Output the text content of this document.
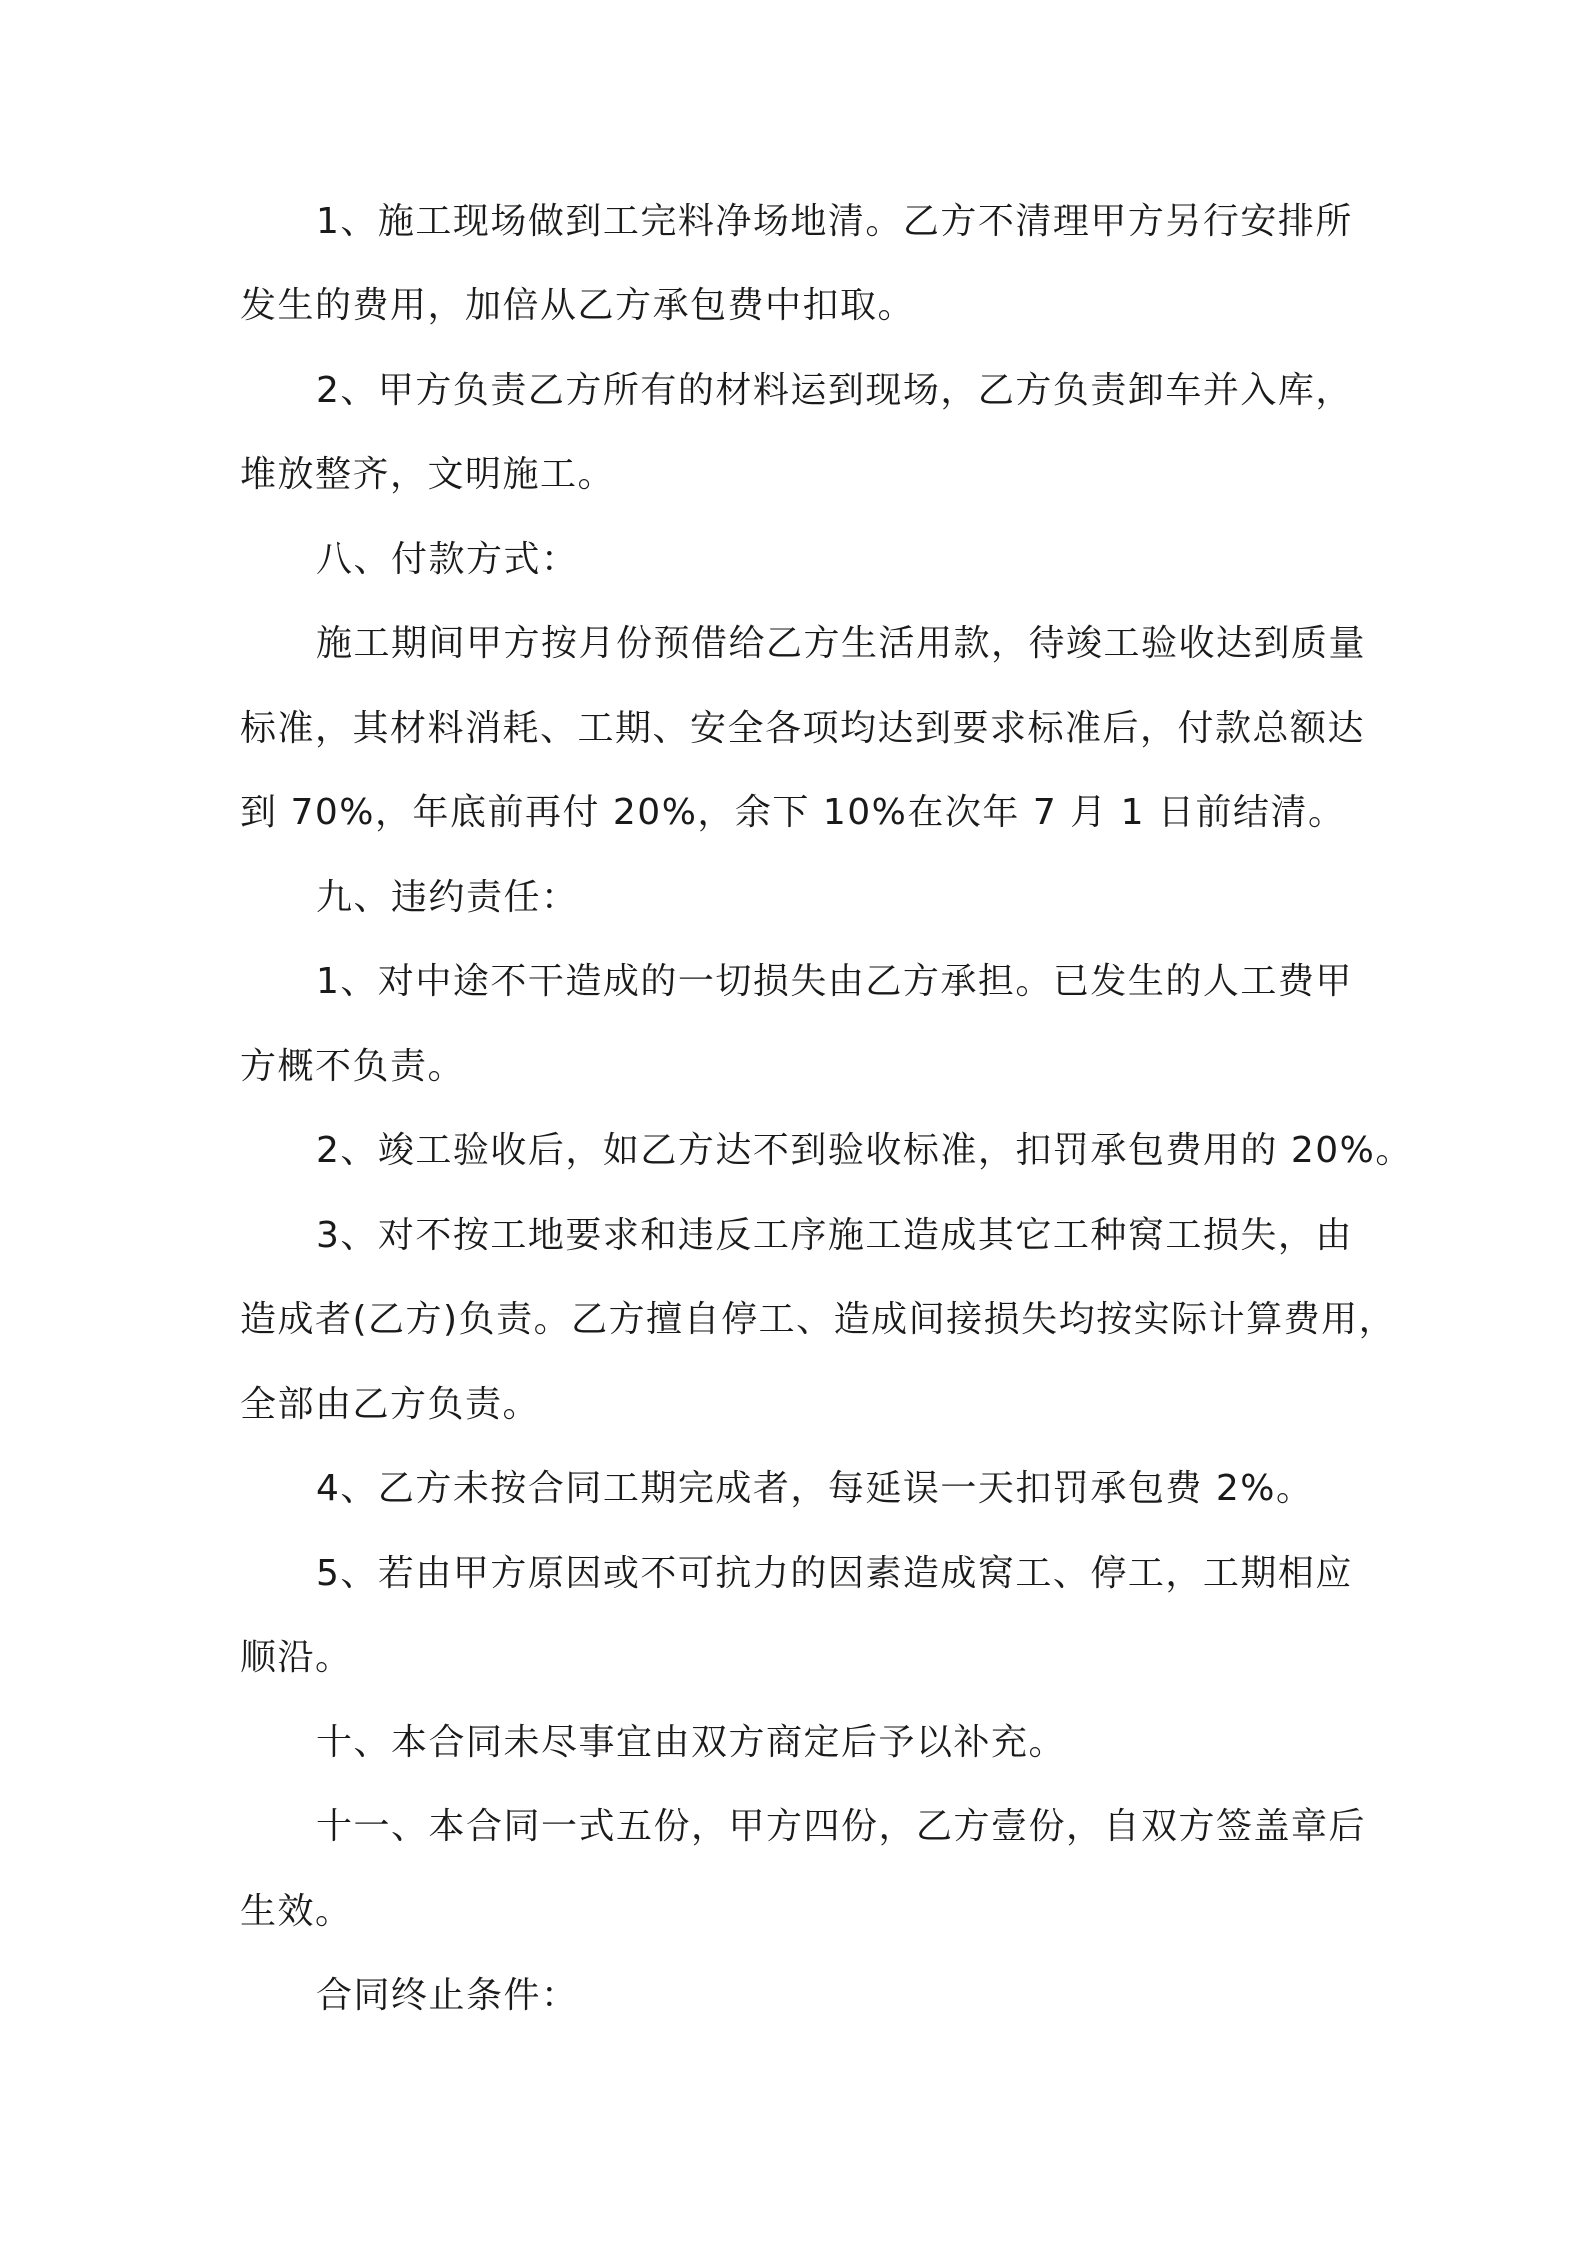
1、施工现场做到工完料净场地清。乙方不清理甲方另行安排所
发生的费用，加倍从乙方承包费中扣取。
2、甲方负责乙方所有的材料运到现场，乙方负责卸车并入库，
堆放整齐，文明施工。
八、付款方式：
施工期间甲方按月份预借给乙方生活用款，待竣工验收达到质量
标准，其材料消耗、工期、安全各项均达到要求标准后，付款总额达
到 70%，年底前再付 20%，余下 10%在次年 7 月 1 日前结清。
九、违约责任：
1、对中途不干造成的一切损失由乙方承担。已发生的人工费甲
方概不负责。
2、竣工验收后，如乙方达不到验收标准，扣罚承包费用的 20%。
3、对不按工地要求和违反工序施工造成其它工种窝工损失，由
造成者(乙方)负责。乙方擅自停工、造成间接损失均按实际计算费用，
全部由乙方负责。
4、乙方未按合同工期完成者，每延误一天扣罚承包费 2%。
5、若由甲方原因或不可抗力的因素造成窝工、停工，工期相应
顺沿。
十、本合同未尽事宜由双方商定后予以补充。
十一、本合同一式五份，甲方四份，乙方壹份，自双方签盖章后
生效。
合同终止条件：
